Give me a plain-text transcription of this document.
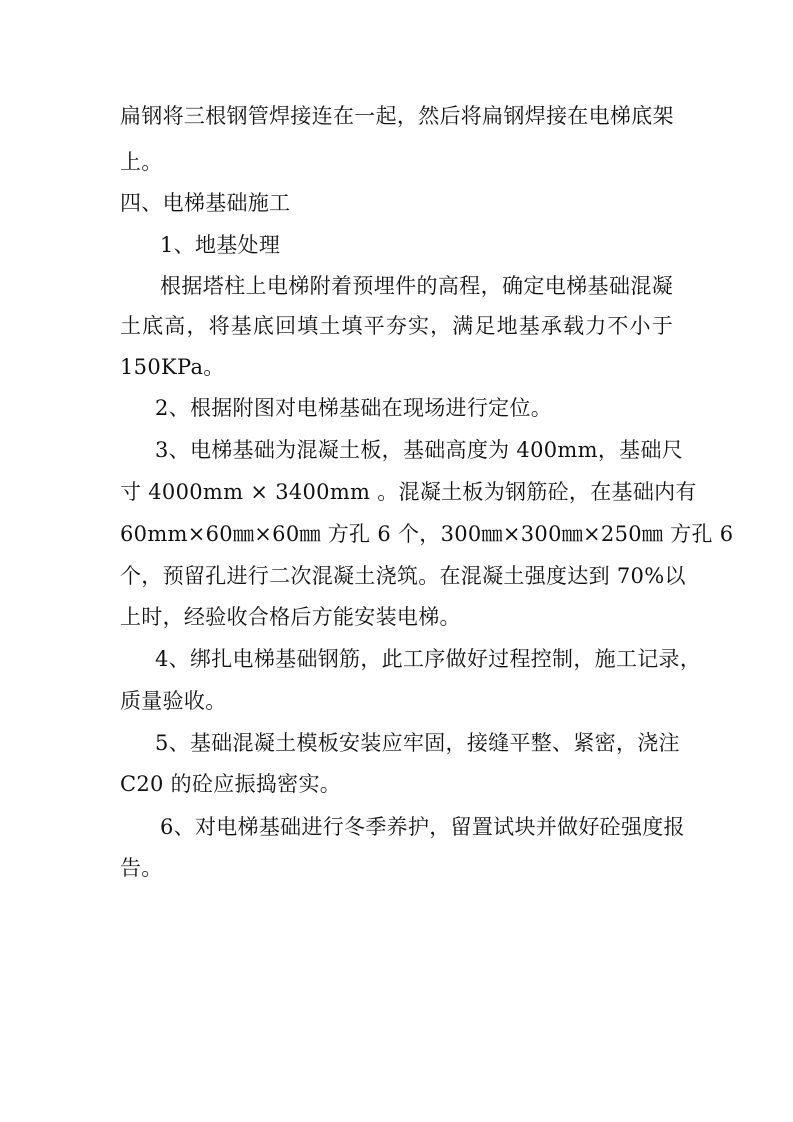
扁钢将三根钢管焊接连在一起，然后将扁钢焊接在电梯底架
上。
四、电梯基础施工
1、地基处理
根据塔柱上电梯附着预埋件的高程，确定电梯基础混凝
土底高，将基底回填土填平夯实，满足地基承载力不小于
150KPa。
2、根据附图对电梯基础在现场进行定位。
3、电梯基础为混凝土板，基础高度为 400mm，基础尺
寸 4000mm × 3400mm 。混凝土板为钢筋砼，在基础内有
60mm×60㎜×60㎜ 方孔 6 个，300㎜×300㎜×250㎜ 方孔 6
个，预留孔进行二次混凝土浇筑。在混凝土强度达到 70%以
上时，经验收合格后方能安装电梯。
4、绑扎电梯基础钢筋，此工序做好过程控制，施工记录，
质量验收。
5、基础混凝土模板安装应牢固，接缝平整、紧密，浇注
C20 的砼应振捣密实。
6、对电梯基础进行冬季养护，留置试块并做好砼强度报
告。
